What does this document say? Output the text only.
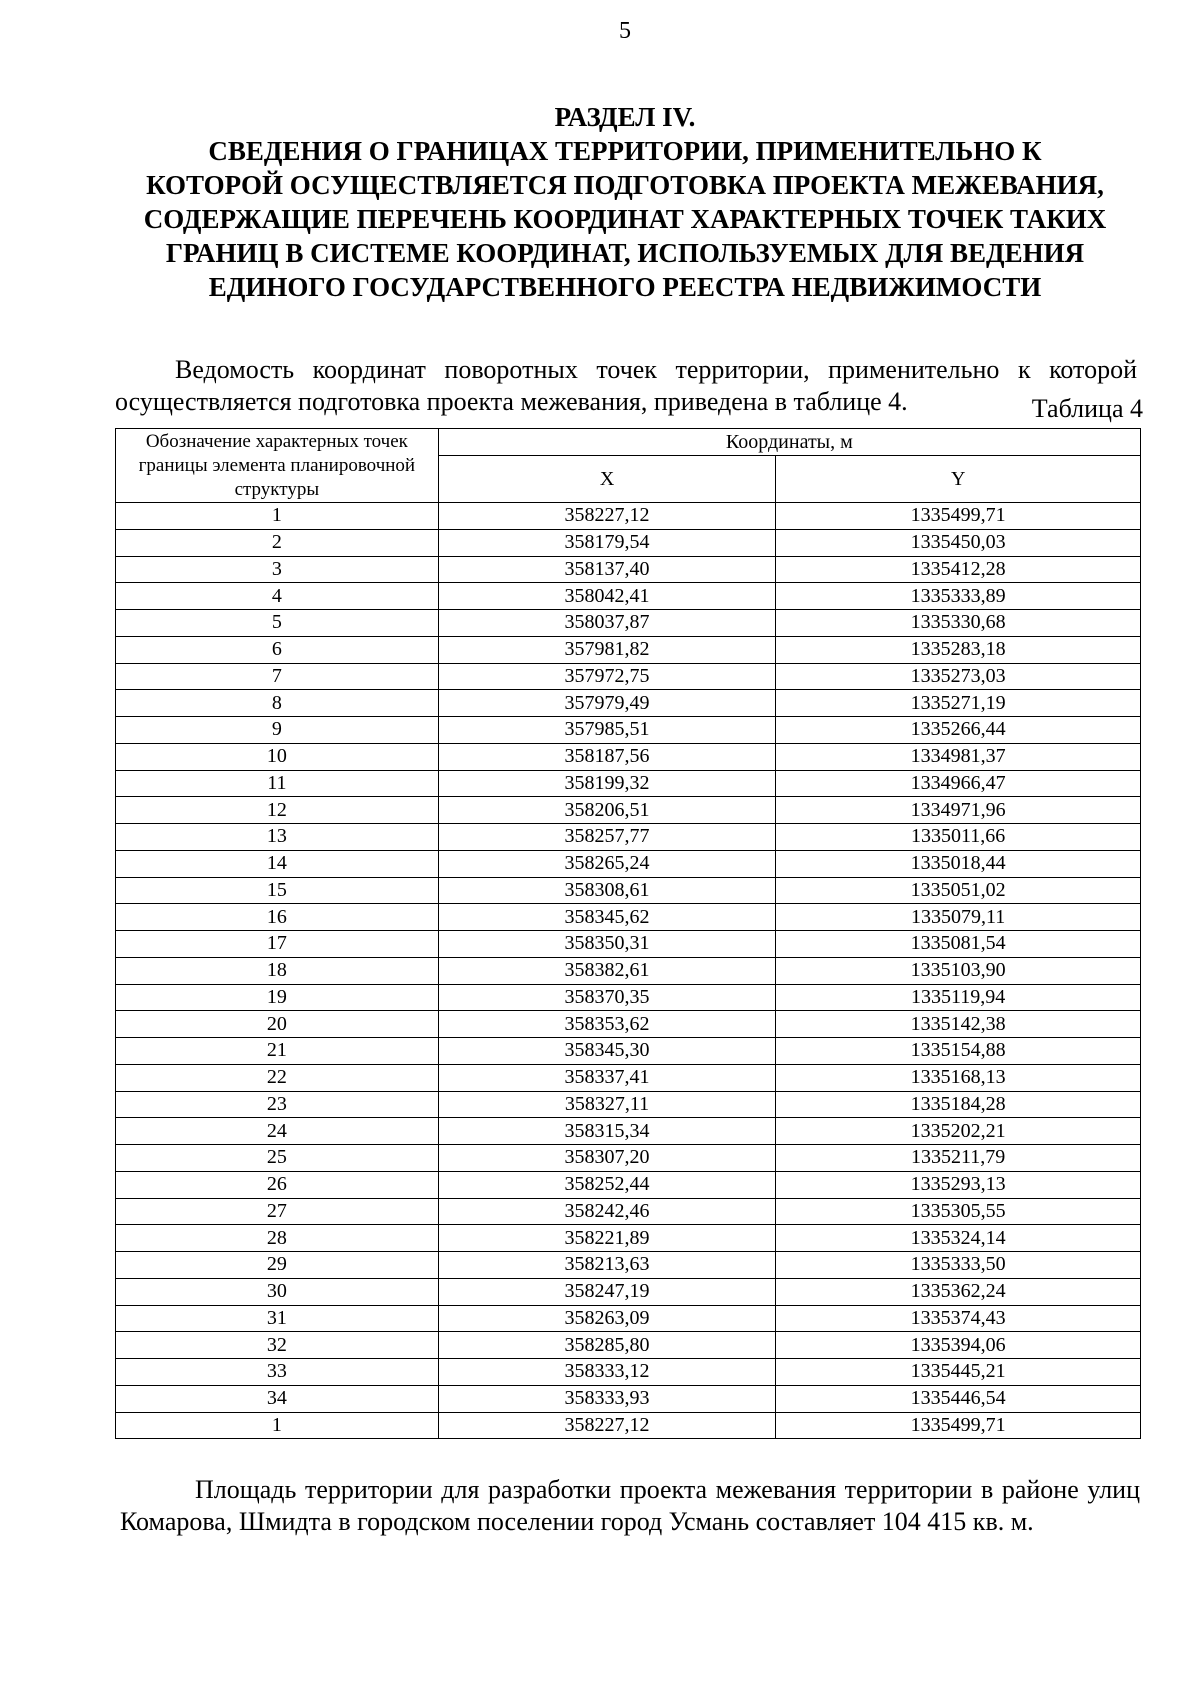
5
РАЗДЕЛ IV.
СВЕДЕНИЯ О ГРАНИЦАХ ТЕРРИТОРИИ, ПРИМЕНИТЕЛЬНО К
КОТОРОЙ ОСУЩЕСТВЛЯЕТСЯ ПОДГОТОВКА ПРОЕКТА МЕЖЕВАНИЯ,
СОДЕРЖАЩИЕ ПЕРЕЧЕНЬ КООРДИНАТ ХАРАКТЕРНЫХ ТОЧЕК ТАКИХ
ГРАНИЦ В СИСТЕМЕ КООРДИНАТ, ИСПОЛЬЗУЕМЫХ ДЛЯ ВЕДЕНИЯ
ЕДИНОГО ГОСУДАРСТВЕННОГО РЕЕСТРА НЕДВИЖИМОСТИ

Ведомость координат поворотных точек территории, применительно к которой осуществляется подготовка проекта межевания, приведена в таблице 4.	Таблица 4
Обозначение характерных точек границы элемента планировочной структуры	Координаты, м	
	X	Y
1	358227,12	1335499,71
2	358179,54	1335450,03
3	358137,40	1335412,28
4	358042,41	1335333,89
5	358037,87	1335330,68
6	357981,82	1335283,18
7	357972,75	1335273,03
8	357979,49	1335271,19
9	357985,51	1335266,44
10	358187,56	1334981,37
11	358199,32	1334966,47
12	358206,51	1334971,96
13	358257,77	1335011,66
14	358265,24	1335018,44
15	358308,61	1335051,02
16	358345,62	1335079,11
17	358350,31	1335081,54
18	358382,61	1335103,90
19	358370,35	1335119,94
20	358353,62	1335142,38
21	358345,30	1335154,88
22	358337,41	1335168,13
23	358327,11	1335184,28
24	358315,34	1335202,21
25	358307,20	1335211,79
26	358252,44	1335293,13
27	358242,46	1335305,55
28	358221,89	1335324,14
29	358213,63	1335333,50
30	358247,19	1335362,24
31	358263,09	1335374,43
32	358285,80	1335394,06
33	358333,12	1335445,21
34	358333,93	1335446,54
1	358227,12	1335499,71

Площадь территории для разработки проекта межевания территории в районе улиц Комарова, Шмидта в городском поселении город Усмань составляет 104 415 кв. м.
